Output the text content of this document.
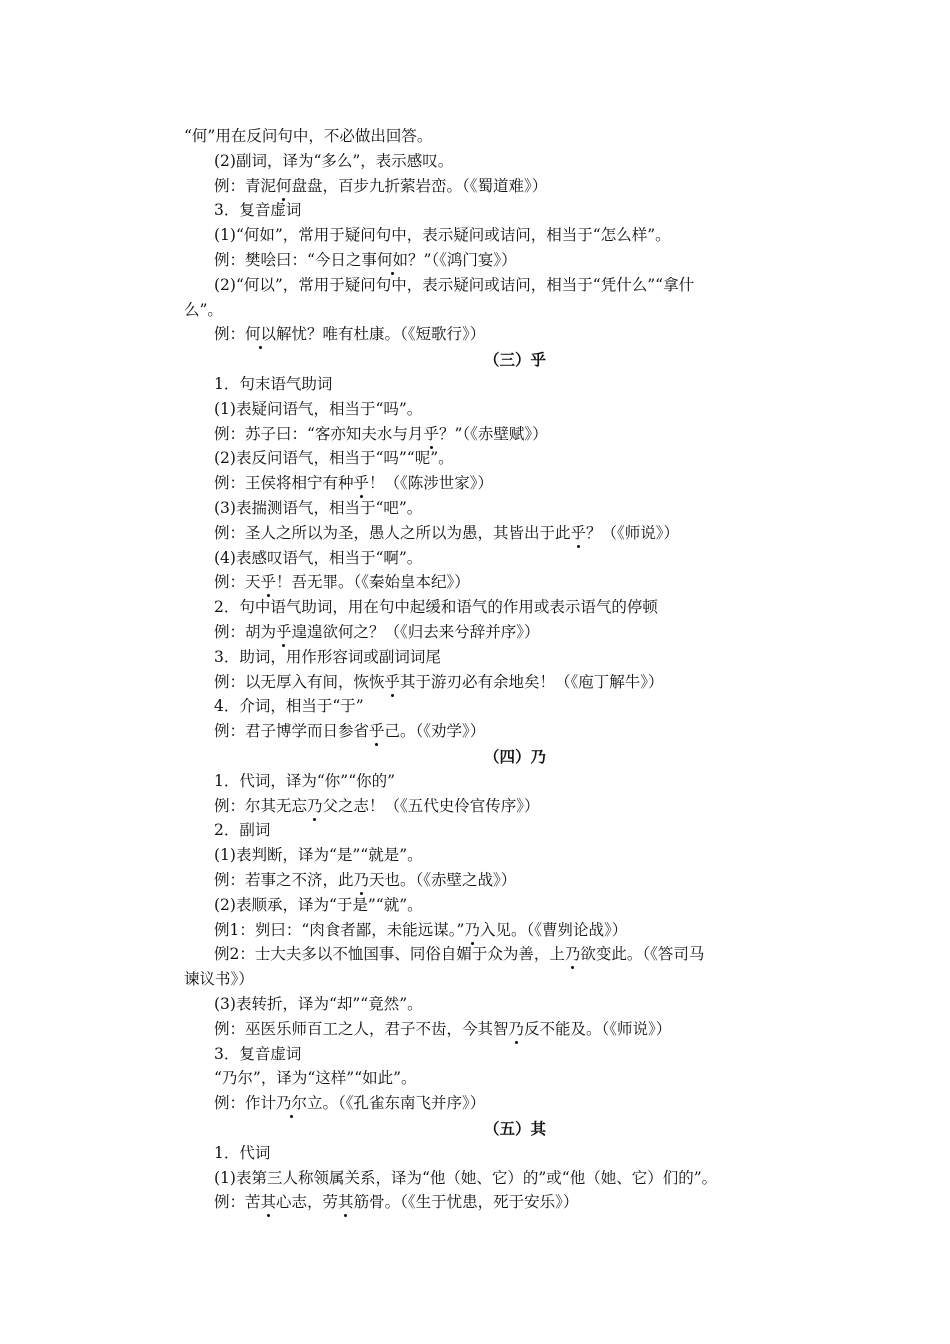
“何”用在反问句中，不必做出回答。
(2)副词，译为“多么”，表示感叹。
例：青泥何盘盘，百步九折萦岩峦。（《蜀道难》）
3．复音虚词
(1)“何如”，常用于疑问句中，表示疑问或诘问，相当于“怎么样”。
例：樊哙曰：“今日之事何如？”（《鸿门宴》）
(2)“何以”，常用于疑问句中，表示疑问或诘问，相当于“凭什么”“拿什
么”。
例：何以解忧？唯有杜康。（《短歌行》）
（三）乎
1．句末语气助词
(1)表疑问语气，相当于“吗”。
例：苏子曰：“客亦知夫水与月乎？”（《赤壁赋》）
(2)表反问语气，相当于“吗”“呢”。
例：王侯将相宁有种乎！（《陈涉世家》）
(3)表揣测语气，相当于“吧”。
例：圣人之所以为圣，愚人之所以为愚，其皆出于此乎？（《师说》）
(4)表感叹语气，相当于“啊”。
例：天乎！吾无罪。（《秦始皇本纪》）
2．句中语气助词，用在句中起缓和语气的作用或表示语气的停顿
例：胡为乎遑遑欲何之？（《归去来兮辞并序》）
3．助词，用作形容词或副词词尾
例：以无厚入有间，恢恢乎其于游刃必有余地矣！（《庖丁解牛》）
4．介词，相当于“于”
例：君子博学而日参省乎己。（《劝学》）
（四）乃
1．代词，译为“你”“你的”
例：尔其无忘乃父之志！（《五代史伶官传序》）
2．副词
(1)表判断，译为“是”“就是”。
例：若事之不济，此乃天也。（《赤壁之战》）
(2)表顺承，译为“于是”“就”。
例1：刿曰：“肉食者鄙，未能远谋。”乃入见。（《曹刿论战》）
例2：士大夫多以不恤国事、同俗自媚于众为善，上乃欲变此。（《答司马
谏议书》）
(3)表转折，译为“却”“竟然”。
例：巫医乐师百工之人，君子不齿，今其智乃反不能及。（《师说》）
3．复音虚词
“乃尔”，译为“这样”“如此”。
例：作计乃尔立。（《孔雀东南飞并序》）
（五）其
1．代词
(1)表第三人称领属关系，译为“他（她、它）的”或“他（她、它）们的”。
例：苦其心志，劳其筋骨。（《生于忧患，死于安乐》）
